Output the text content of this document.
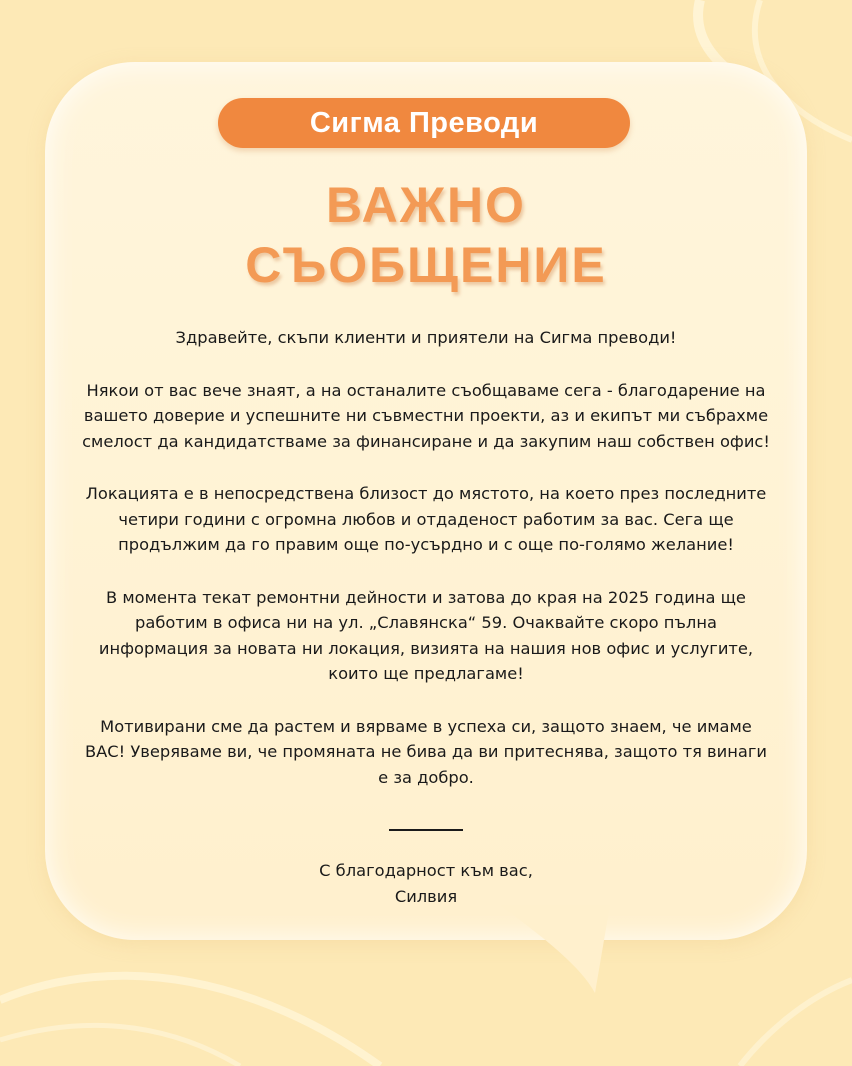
Сигма Преводи
ВАЖНО
СЪОБЩЕНИЕ

Здравейте, скъпи клиенти и приятели на Сигма преводи!

Някои от вас вече знаят, а на останалите съобщаваме сега - благодарение на вашето доверие и успешните ни съвместни проекти, аз и екипът ми събрахме смелост да кандидатстваме за финансиране и да закупим наш собствен офис!

Локацията е в непосредствена близост до мястото, на което през последните четири години с огромна любов и отдаденост работим за вас. Сега ще продължим да го правим още по-усърдно и с още по-голямо желание!

В момента текат ремонтни дейности и затова до края на 2025 година ще работим в офиса ни на ул. „Славянска“ 59. Очаквайте скоро пълна информация за новата ни локация, визията на нашия нов офис и услугите, които ще предлагаме!

Мотивирани сме да растем и вярваме в успеха си, защото знаем, че имаме ВАС! Уверяваме ви, че промяната не бива да ви притеснява, защото тя винаги е за добро.

С благодарност към вас,
Силвия
